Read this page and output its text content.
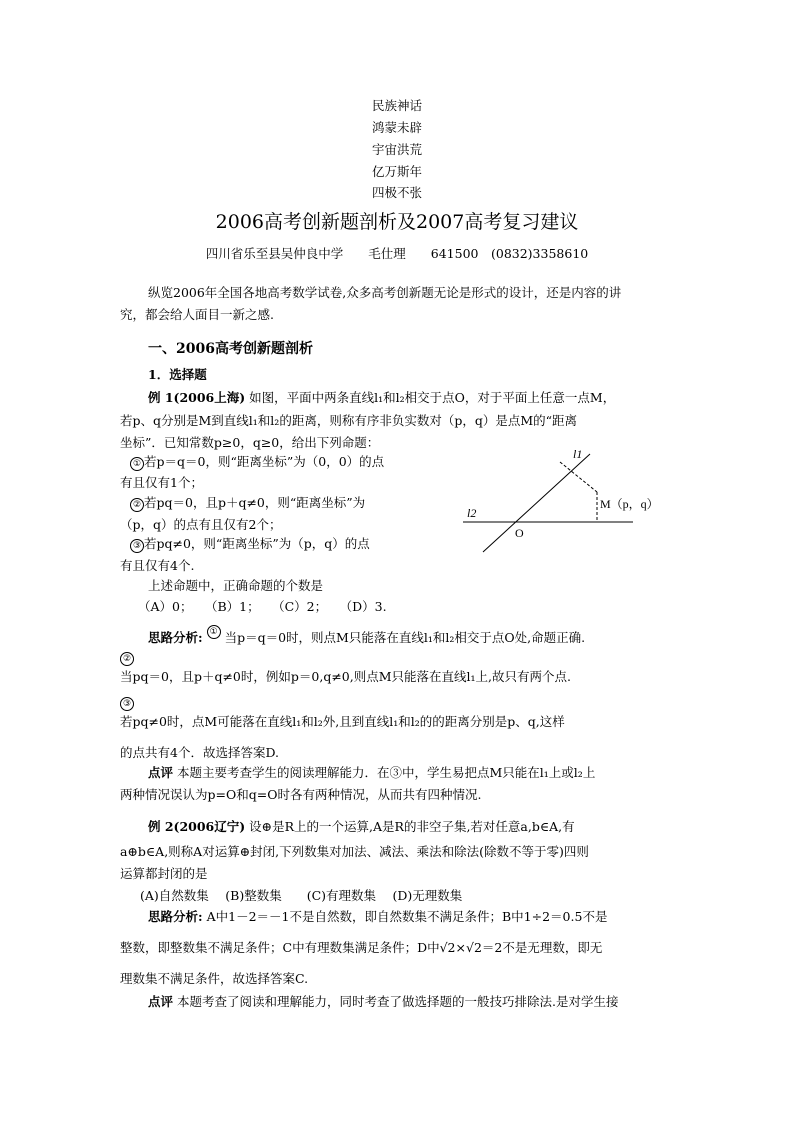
民族神话
鸿蒙未辟
宇宙洪荒
亿万斯年
四极不张
2006高考创新题剖析及2007高考复习建议
四川省乐至县吴仲良中学　　毛仕理　　641500　(0832)3358610
纵览2006年全国各地高考数学试卷,众多高考创新题无论是形式的设计，还是内容的讲
究，都会给人面目一新之感.
一、2006高考创新题剖析
1．选择题
例 1(2006上海) 如图，平面中两条直线l₁和l₂相交于点O，对于平面上任意一点M，
若p、q分别是M到直线l₁和l₂的距离，则称有序非负实数对（p，q）是点M的“距离
坐标”．已知常数p≥0，q≥0，给出下列命题：
① 若p＝q＝0，则“距离坐标”为（0，0）的点
有且仅有1个；
② 若pq＝0，且p＋q≠0，则“距离坐标”为
（p，q）的点有且仅有2个；
③ 若pq≠0，则“距离坐标”为（p，q）的点
有且仅有4个.
l1
l2
O
M（p，q）
上述命题中，正确命题的个数是
（A）0；　　（B）1；　　（C）2；　　（D）3.
思路分析: ① 当p＝q＝0时，则点M只能落在直线l₁和l₂相交于点O处,命题正确.
②
当pq＝0，且p＋q≠0时，例如p＝0,q≠0,则点M只能落在直线l₁上,故只有两个点.
③
若pq≠0时，点M可能落在直线l₁和l₂外,且到直线l₁和l₂的的距离分别是p、q,这样
的点共有4个．故选择答案D.
点评 本题主要考查学生的阅读理解能力．在③中，学生易把点M只能在l₁上或l₂上
两种情况误认为p=O和q=O时各有两种情况，从而共有四种情况.
例 2(2006辽宁) 设⊕是R上的一个运算,A是R的非空子集,若对任意a,b∈A,有
a⊕b∈A,则称A对运算⊕封闭,下列数集对加法、减法、乘法和除法(除数不等于零)四则
运算都封闭的是
(A)自然数集　 (B)整数集　　(C)有理数集　 (D)无理数集
思路分析: A中1－2＝－1不是自然数，即自然数集不满足条件；B中1÷2＝0.5不是
整数，即整数集不满足条件；C中有理数集满足条件；D中√2×√2＝2不是无理数，即无
理数集不满足条件，故选择答案C.
点评 本题考查了阅读和理解能力，同时考查了做选择题的一般技巧排除法.是对学生接
